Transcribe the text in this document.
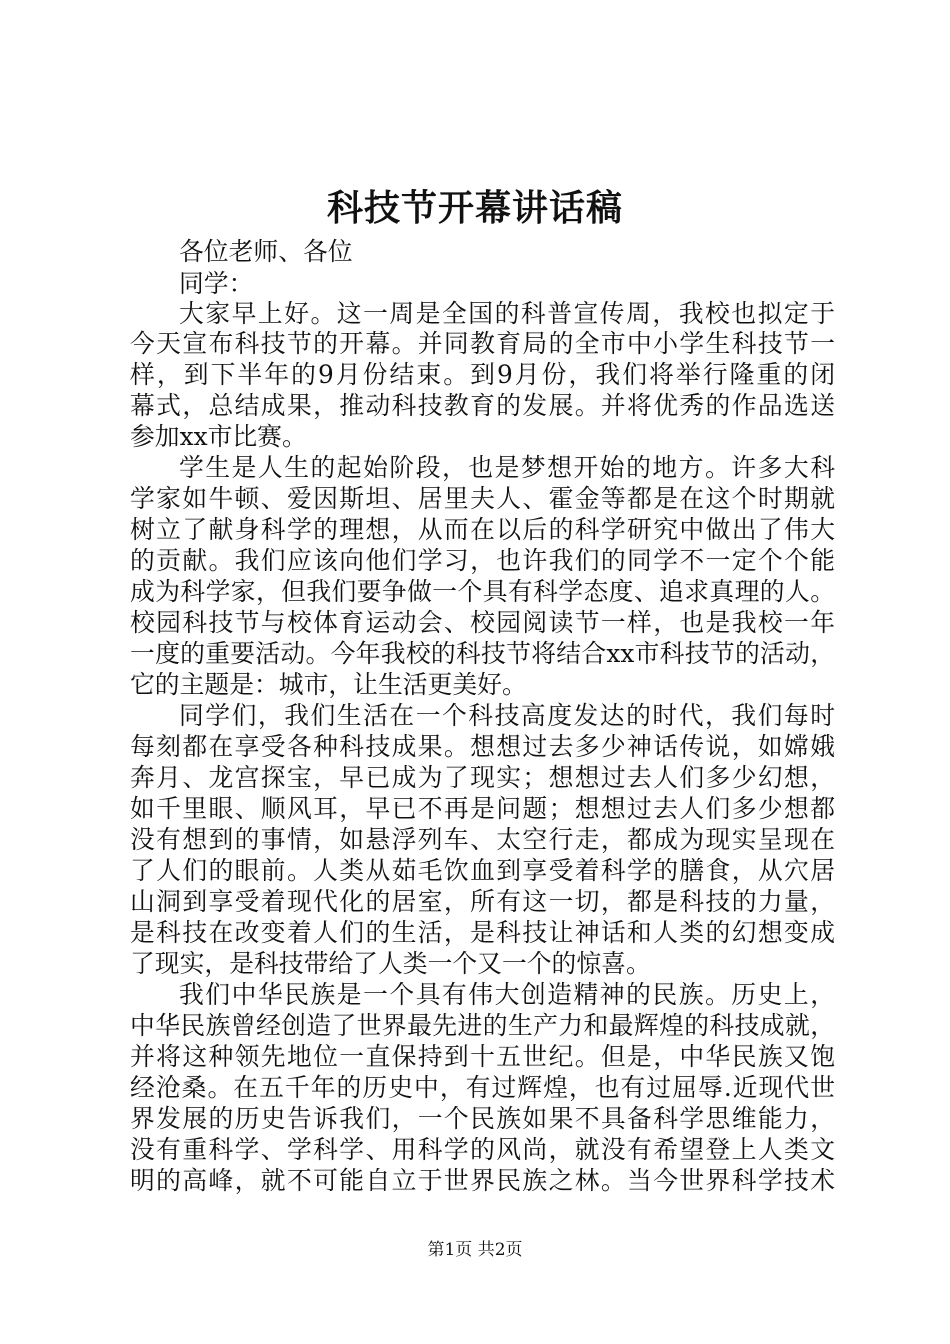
科技节开幕讲话稿
各位老师、各位
同学：
大家早上好。这一周是全国的科普宣传周，我校也拟定于
今天宣布科技节的开幕。并同教育局的全市中小学生科技节一
样，到下半年的9月份结束。到9月份，我们将举行隆重的闭
幕式，总结成果，推动科技教育的发展。并将优秀的作品选送
参加xx市比赛。
学生是人生的起始阶段，也是梦想开始的地方。许多大科
学家如牛顿、爱因斯坦、居里夫人、霍金等都是在这个时期就
树立了献身科学的理想，从而在以后的科学研究中做出了伟大
的贡献。我们应该向他们学习，也许我们的同学不一定个个能
成为科学家，但我们要争做一个具有科学态度、追求真理的人。
校园科技节与校体育运动会、校园阅读节一样，也是我校一年
一度的重要活动。今年我校的科技节将结合xx市科技节的活动，
它的主题是：城市，让生活更美好。
同学们，我们生活在一个科技高度发达的时代，我们每时
每刻都在享受各种科技成果。想想过去多少神话传说，如嫦娥
奔月、龙宫探宝，早已成为了现实；想想过去人们多少幻想，
如千里眼、顺风耳，早已不再是问题；想想过去人们多少想都
没有想到的事情，如悬浮列车、太空行走，都成为现实呈现在
了人们的眼前。人类从茹毛饮血到享受着科学的膳食，从穴居
山洞到享受着现代化的居室，所有这一切，都是科技的力量，
是科技在改变着人们的生活，是科技让神话和人类的幻想变成
了现实，是科技带给了人类一个又一个的惊喜。
我们中华民族是一个具有伟大创造精神的民族。历史上，
中华民族曾经创造了世界最先进的生产力和最辉煌的科技成就，
并将这种领先地位一直保持到十五世纪。但是，中华民族又饱
经沧桑。在五千年的历史中，有过辉煌，也有过屈辱.近现代世
界发展的历史告诉我们，一个民族如果不具备科学思维能力，
没有重科学、学科学、用科学的风尚，就没有希望登上人类文
明的高峰，就不可能自立于世界民族之林。当今世界科学技术
第1页 共2页
